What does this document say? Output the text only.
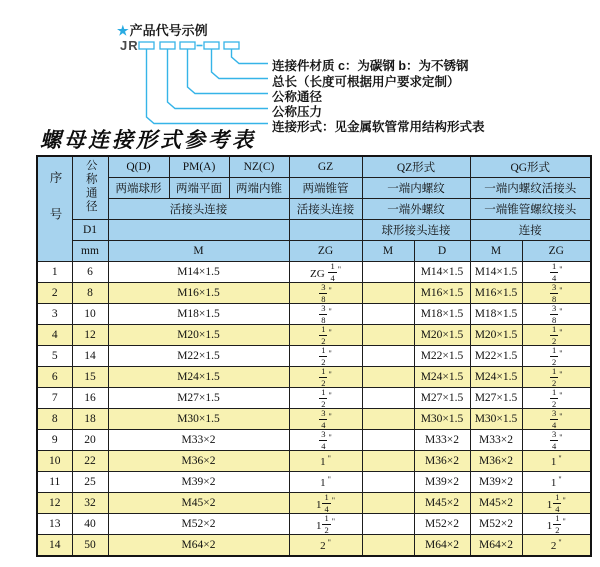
★产品代号示例
JR
连接件材质 c：为碳钢 b：为不锈钢
总长（长度可根据用户要求定制）
公称通径
公称压力
连接形式：见金属软管常用结构形式表
螺母连接形式参考表
序号	公称通径	Q(D)	PM(A)	NZ(C)	GZ	QZ形式		QG形式	
		两端球形	两端平面	两端内锥	两端锥管	一端内螺纹		一端内螺纹活接头	
		活接头连接			活接头连接	一端外螺纹		一端锥管螺纹接头	
	D1					球形接头连接		连接	
	mm	M			ZG	M	D	M	ZG
1	6	M14×1.5			ZG $\frac{1}{4} ^"$		M14×1.5	M14×1.5	$\frac{1}{4} ^"$
2	8	M16×1.5			$\frac{3}{8} ^"$		M16×1.5	M16×1.5	$\frac{3}{8} ^"$
3	10	M18×1.5			$\frac{3}{8} ^"$		M18×1.5	M18×1.5	$\frac{3}{8} ^"$
4	12	M20×1.5			$\frac{1}{2} ^"$		M20×1.5	M20×1.5	$\frac{1}{2} ^"$
5	14	M22×1.5			$\frac{1}{2} ^"$		M22×1.5	M22×1.5	$\frac{1}{2} ^"$
6	15	M24×1.5			$\frac{1}{2} ^"$		M24×1.5	M24×1.5	$\frac{1}{2} ^"$
7	16	M27×1.5			$\frac{1}{2} ^"$		M27×1.5	M27×1.5	$\frac{1}{2} ^"$
8	18	M30×1.5			$\frac{3}{4} ^"$		M30×1.5	M30×1.5	$\frac{3}{4} ^"$
9	20	M33×2			$\frac{3}{4} ^"$		M33×2	M33×2	$\frac{3}{4} ^"$
10	22	M36×2			1 "		M36×2	M36×2	1 "
11	25	M39×2			1 "		M39×2	M39×2	1 "
12	32	M45×2			$1 \frac{1}{4} ^"$		M45×2	M45×2	$1 \frac{1}{4} ^"$
13	40	M52×2			$1 \frac{1}{2} ^"$		M52×2	M52×2	$1 \frac{1}{2} ^"$
14	50	M64×2			2 "		M64×2	M64×2	2 "
